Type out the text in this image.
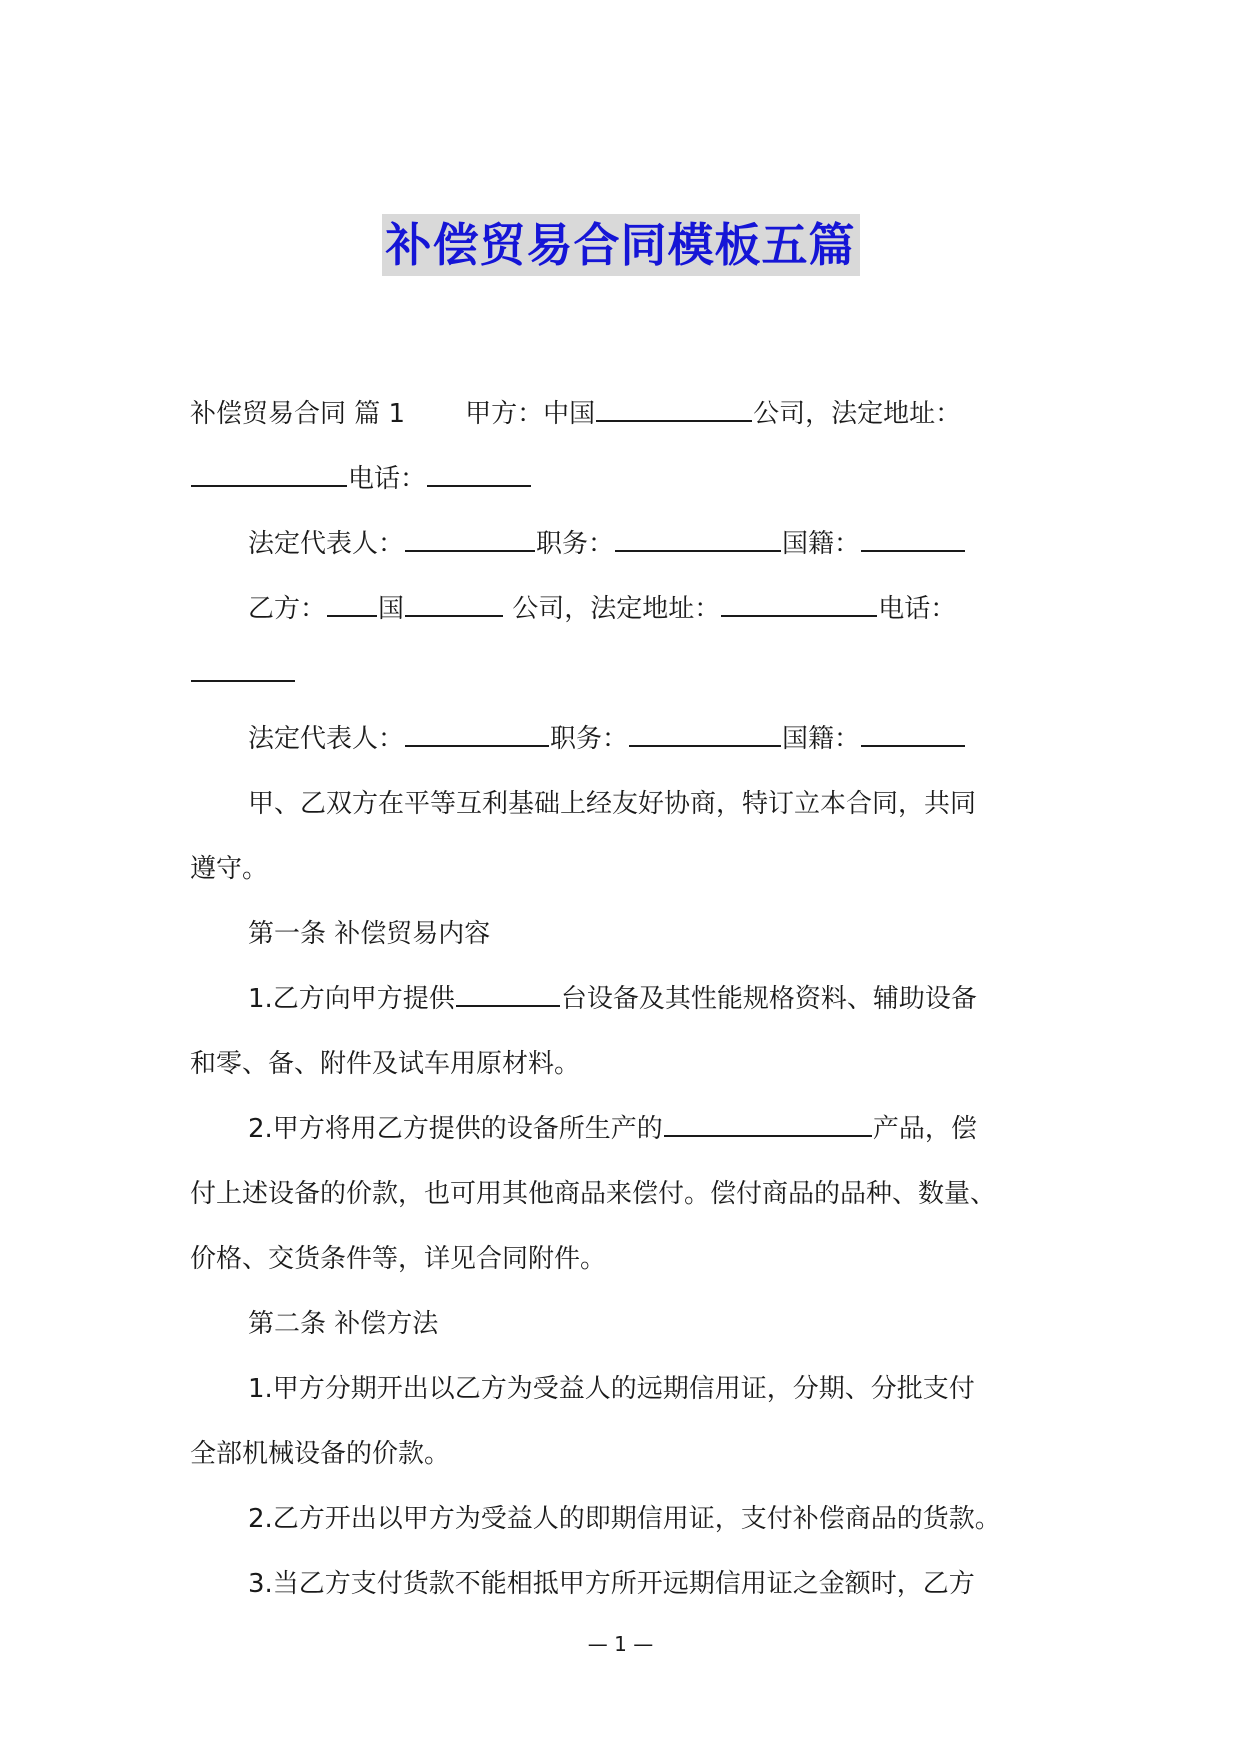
补偿贸易合同模板五篇
补偿贸易合同 篇 1 甲方：中国	公司，法定地址：
电话：
法定代表人：	职务：	国籍：
乙方： 国	公司，法定地址：	电话：
法定代表人：	职务：	国籍：
甲、乙双方在平等互利基础上经友好协商，特订立本合同，共同
遵守。
第一条 补偿贸易内容
1.乙方向甲方提供	台设备及其性能规格资料、辅助设备
和零、备、附件及试车用原材料。
2.甲方将用乙方提供的设备所生产的	产品，偿
付上述设备的价款，也可用其他商品来偿付。偿付商品的品种、数量、
价格、交货条件等，详见合同附件。
第二条 补偿方法
1.甲方分期开出以乙方为受益人的远期信用证，分期、分批支付
全部机械设备的价款。
2.乙方开出以甲方为受益人的即期信用证，支付补偿商品的货款。
3.当乙方支付货款不能相抵甲方所开远期信用证之金额时，乙方
— 1 —
